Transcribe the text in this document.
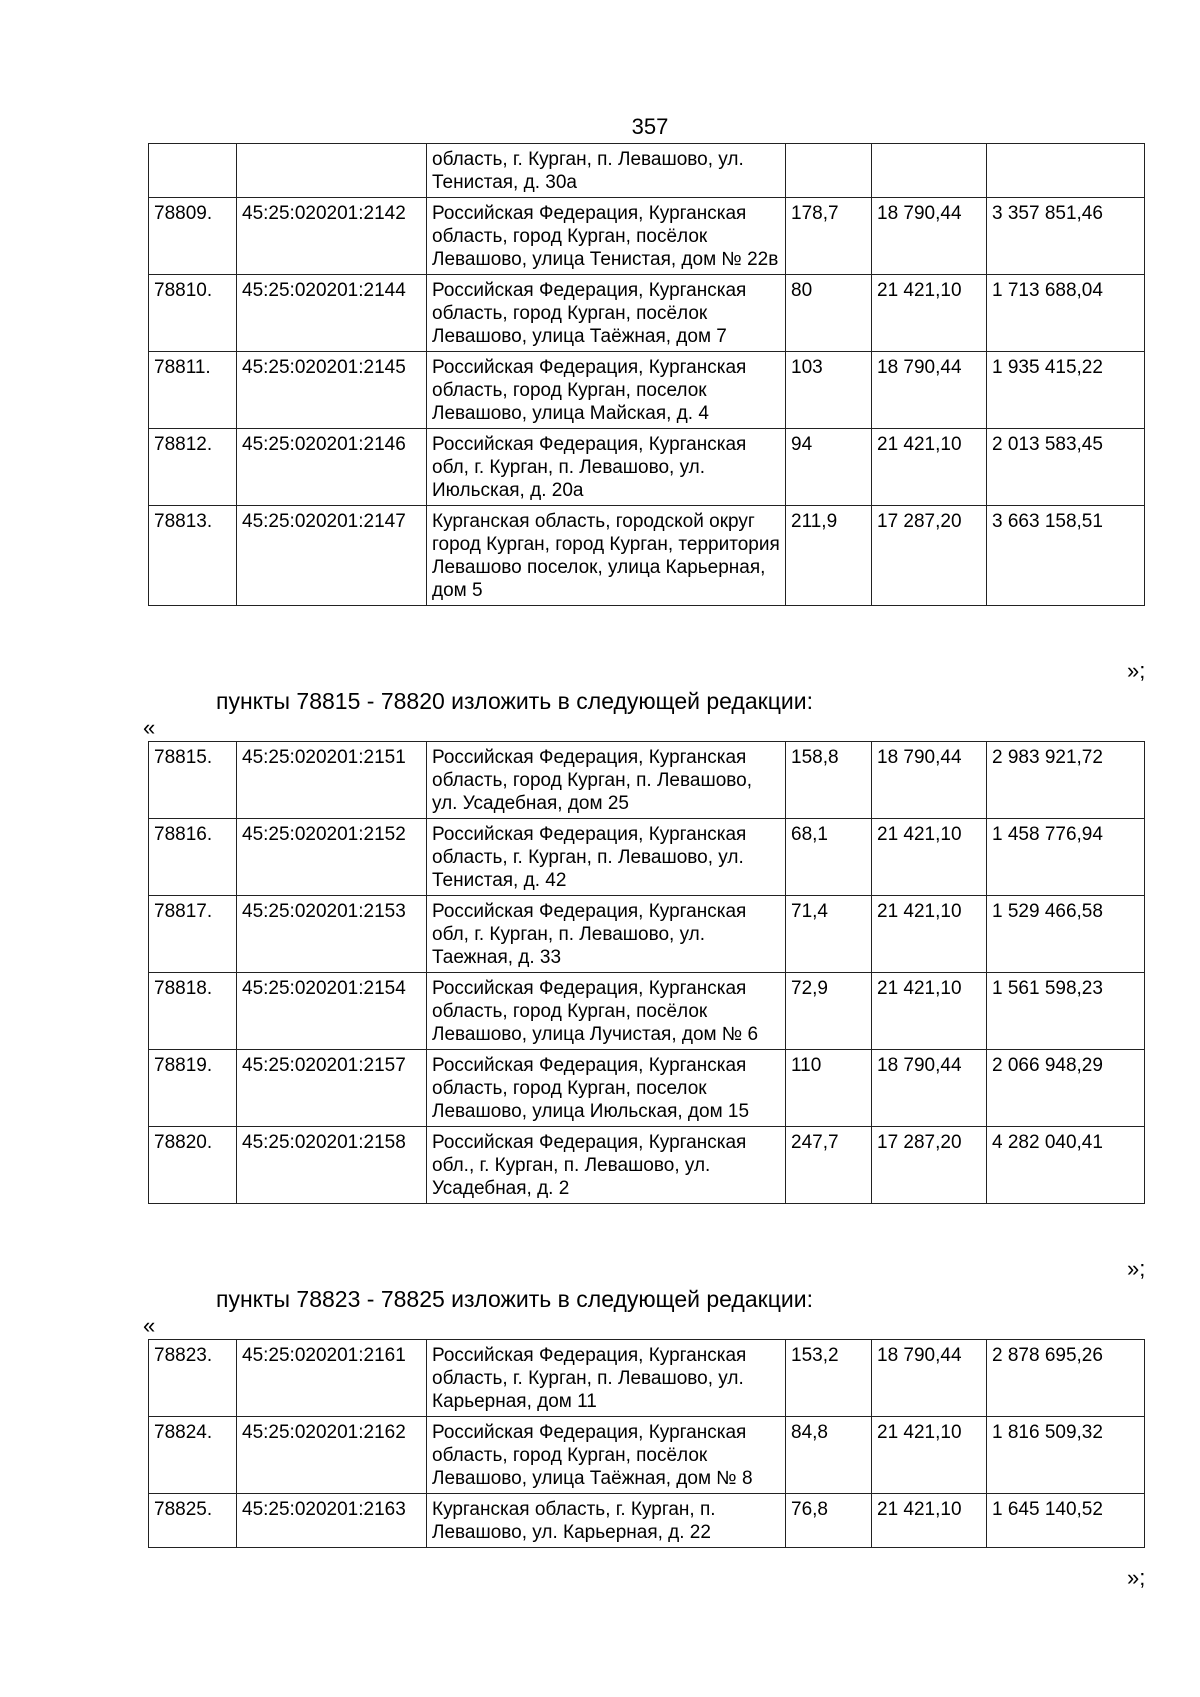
357
		область, г. Курган, п. Левашово, ул. Тенистая, д. 30а			
78809.	45:25:020201:2142	Российская Федерация, Курганская область, город Курган, посёлок Левашово, улица Тенистая, дом № 22в	178,7	18 790,44	3 357 851,46
78810.	45:25:020201:2144	Российская Федерация, Курганская область, город Курган, посёлок Левашово, улица Таёжная, дом 7	80	21 421,10	1 713 688,04
78811.	45:25:020201:2145	Российская Федерация, Курганская область, город Курган, поселок Левашово, улица Майская, д. 4	103	18 790,44	1 935 415,22
78812.	45:25:020201:2146	Российская Федерация, Курганская обл, г. Курган, п. Левашово, ул. Июльская, д. 20а	94	21 421,10	2 013 583,45
78813.	45:25:020201:2147	Курганская область, городской округ город Курган, город Курган, территория Левашово поселок, улица Карьерная, дом 5	211,9	17 287,20	3 663 158,51
»;
пункты 78815 - 78820 изложить в следующей редакции:
«
78815.	45:25:020201:2151	Российская Федерация, Курганская область, город Курган, п. Левашово, ул. Усадебная, дом 25	158,8	18 790,44	2 983 921,72
78816.	45:25:020201:2152	Российская Федерация, Курганская область, г. Курган, п. Левашово, ул. Тенистая, д. 42	68,1	21 421,10	1 458 776,94
78817.	45:25:020201:2153	Российская Федерация, Курганская обл, г. Курган, п. Левашово, ул. Таежная, д. 33	71,4	21 421,10	1 529 466,58
78818.	45:25:020201:2154	Российская Федерация, Курганская область, город Курган, посёлок Левашово, улица Лучистая, дом № 6	72,9	21 421,10	1 561 598,23
78819.	45:25:020201:2157	Российская Федерация, Курганская область, город Курган, поселок Левашово, улица Июльская, дом 15	110	18 790,44	2 066 948,29
78820.	45:25:020201:2158	Российская Федерация, Курганская обл., г. Курган, п. Левашово, ул. Усадебная, д. 2	247,7	17 287,20	4 282 040,41
»;
пункты 78823 - 78825 изложить в следующей редакции:
«
78823.	45:25:020201:2161	Российская Федерация, Курганская область, г. Курган, п. Левашово, ул. Карьерная, дом 11	153,2	18 790,44	2 878 695,26
78824.	45:25:020201:2162	Российская Федерация, Курганская область, город Курган, посёлок Левашово, улица Таёжная, дом № 8	84,8	21 421,10	1 816 509,32
78825.	45:25:020201:2163	Курганская область, г. Курган, п. Левашово, ул. Карьерная, д. 22	76,8	21 421,10	1 645 140,52
»;
